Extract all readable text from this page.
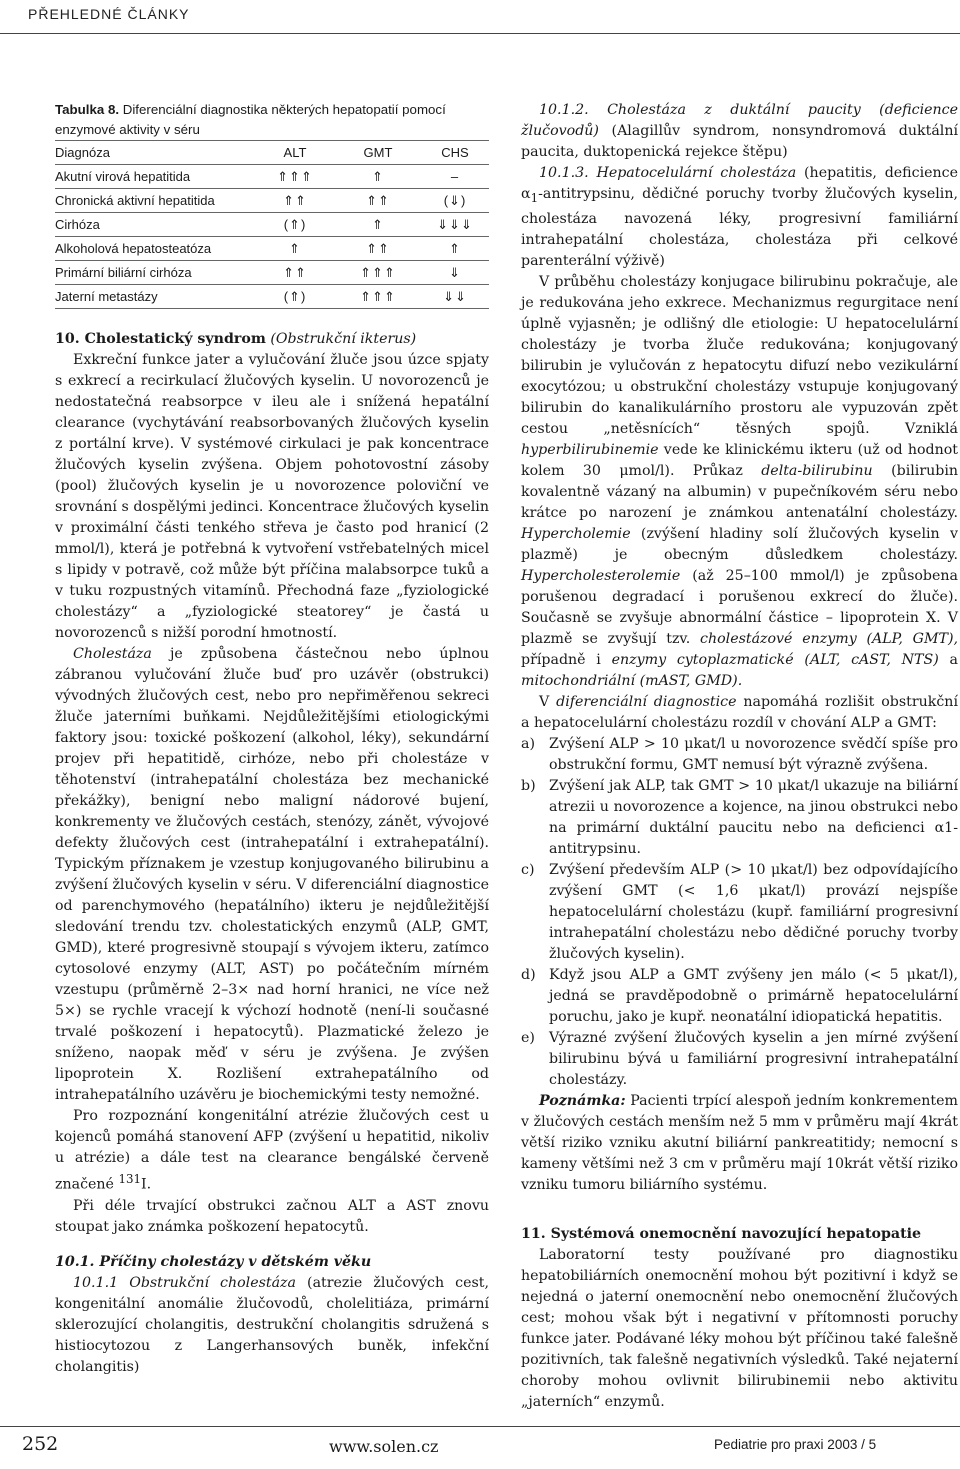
PŘEHLEDNÉ ČLÁNKY

Tabulka 8. Diferenciální diagnostika některých hepatopatií pomocí enzymové aktivity v séru

Diagnóza	ALT	GMT	CHS
Akutní virová hepatitida	⇑⇑⇑	⇑	–
Chronická aktivní hepatitida	⇑⇑	⇑⇑	(⇓)
Cirhóza	(⇑)	⇑	⇓⇓⇓
Alkoholová hepatosteatóza	⇑	⇑⇑	⇑
Primární biliární cirhóza	⇑⇑	⇑⇑⇑	⇓
Jaterní metastázy	(⇑)	⇑⇑⇑	⇓⇓

10. Cholestatický syndrom (Obstrukční ikterus)

Exkreční funkce jater a vylučování žluče jsou úzce spjaty s exkrecí a recirkulací žlučových kyselin. U novorozenců je nedostatečná reabsorpce v ileu ale i snížená hepatální clearance (vychytávání reabsorbovaných žlučových kyselin z portální krve). V systémové cirkulaci je pak koncentrace žlučových kyselin zvýšena. Objem pohotovostní zásoby (pool) žlučových kyselin je u novorozence poloviční ve srovnání s dospělými jedinci. Koncentrace žlučových kyselin v proximální části tenkého střeva je často pod hranicí (2 mmol/l), která je potřebná k vytvoření vstřebatelných micel s lipidy v potravě, což může být příčina malabsorpce tuků a v tuku rozpustných vitamínů. Přechodná faze „fyziologické cholestázy“ a „fyziologické steatorey“ je častá u novorozenců s nižší porodní hmotností.

Cholestáza je způsobena částečnou nebo úplnou zábranou vylučování žluče buď pro uzávěr (obstrukci) vývodných žlučových cest, nebo pro nepřiměřenou sekreci žluče jaterními buňkami. Nejdůležitějšími etiologickými faktory jsou: toxické poškození (alkohol, léky), sekundární projev při hepatitidě, cirhóze, nebo při cholestáze v těhotenství (intrahepatální cholestáza bez mechanické překážky), benigní nebo maligní nádorové bujení, konkrementy ve žlučových cestách, stenózy, zánět, vývojové defekty žlučových cest (intrahepatální i extrahepatální). Typickým příznakem je vzestup konjugovaného bilirubinu a zvýšení žlučových kyselin v séru. V diferenciální diagnostice od parenchymového (hepatálního) ikteru je nejdůležitější sledování trendu tzv. cholestatických enzymů (ALP, GMT, GMD), které progresivně stoupají s vývojem ikteru, zatímco cytosolové enzymy (ALT, AST) po počátečním mírném vzestupu (průměrně 2–3× nad horní hranici, ne více než 5×) se rychle vracejí k výchozí hodnotě (není-li současné trvalé poškození i hepatocytů). Plazmatické železo je sníženo, naopak měď v séru je zvýšena. Je zvýšen lipoprotein X. Rozlišení extrahepatálního od intrahepatálního uzávěru je biochemickými testy nemožné.

Pro rozpoznání kongenitální atrézie žlučových cest u kojenců pomáhá stanovení AFP (zvýšení u hepatitid, nikoliv u atrézie) a dále test na clearance bengálské červeně značené $^{131}$I.

Při déle trvající obstrukci začnou ALT a AST znovu stoupat jako známka poškození hepatocytů.

10.1. Příčiny cholestázy v dětském věku

10.1.1 Obstrukční cholestáza (atrezie žlučových cest, kongenitální anomálie žlučovodů, cholelitiáza, primární sklerozující cholangitis, destrukční cholangitis sdružená s histiocytozou z Langerhansových buněk, infekční cholangitis)

10.1.2. Cholestáza z duktální paucity (deficience žlučovodů) (Alagillův syndrom, nonsyndromová duktální paucita, duktopenická rejekce štěpu)

10.1.3. Hepatocelulární cholestáza (hepatitis, deficience $\alpha_1$-antitrypsinu, dědičné poruchy tvorby žlučových kyselin, cholestáza navozená léky, progresivní familiární intrahepatální cholestáza, cholestáza při celkové parenterální výživě)

V průběhu cholestázy konjugace bilirubinu pokračuje, ale je redukována jeho exkrece. Mechanizmus regurgitace není úplně vyjasněn; je odlišný dle etiologie: U hepatocelulární cholestázy je tvorba žluče redukována; konjugovaný bilirubin je vylučován z hepatocytu difuzí nebo vezikulární exocytózou; u obstrukční cholestázy vstupuje konjugovaný bilirubin do kanalikulárního prostoru ale vypuzován zpět cestou „netěsnících“ těsných spojů. Vzniklá hyperbilirubinemie vede ke klinickému ikteru (už od hodnot kolem 30 μmol/l). Průkaz delta-bilirubinu (bilirubin kovalentně vázaný na albumin) v pupečníkovém séru nebo krátce po narození je známkou antenatální cholestázy. Hypercholemie (zvýšení hladiny solí žlučových kyselin v plazmě) je obecným důsledkem cholestázy. Hypercholesterolemie (až 25–100 mmol/l) je způsobena porušenou degradací i porušenou exkrecí do žluče). Současně se zvyšuje abnormální částice – lipoprotein X. V plazmě se zvyšují tzv. cholestázové enzymy (ALP, GMT), případně i enzymy cytoplazmatické (ALT, cAST, NTS) a mitochondriální (mAST, GMD).

V diferenciální diagnostice napomáhá rozlišit obstrukční a hepatocelulární cholestázu rozdíl v chování ALP a GMT:

a) Zvýšení ALP > 10 μkat/l u novorozence svědčí spíše pro obstrukční formu, GMT nemusí být výrazně zvýšena.
b) Zvýšení jak ALP, tak GMT > 10 μkat/l ukazuje na biliární atrezii u novorozence a kojence, na jinou obstrukci nebo na primární duktální paucitu nebo na deficienci α1-antitrypsinu.
c) Zvýšení především ALP (> 10 μkat/l) bez odpovídajícího zvýšení GMT (< 1,6 μkat/l) provází nejspíše hepatocelulární cholestázu (kupř. familiární progresivní intrahepatální cholestázu nebo dědičné poruchy tvorby žlučových kyselin).
d) Když jsou ALP a GMT zvýšeny jen málo (< 5 μkat/l), jedná se pravděpodobně o primárně hepatocelulární poruchu, jako je kupř. neonatální idiopatická hepatitis.
e) Výrazné zvýšení žlučových kyselin a jen mírné zvýšení bilirubinu bývá u familiární progresivní intrahepatální cholestázy.

Poznámka: Pacienti trpící alespoň jedním konkrementem v žlučových cestách menším než 5 mm v průměru mají 4krát větší riziko vzniku akutní biliární pankreatitidy; nemocní s kameny většími než 3 cm v průměru mají 10krát větší riziko vzniku tumoru biliárního systému.

11. Systémová onemocnění navozující hepatopatie

Laboratorní testy používané pro diagnostiku hepatobiliárních onemocnění mohou být pozitivní i když se nejedná o jaterní onemocnění nebo onemocnění žlučových cest; mohou však být i negativní v přítomnosti poruchy funkce jater. Podávané léky mohou být příčinou také falešně pozitivních, tak falešně negativních výsledků. Také nejaterní choroby mohou ovlivnit bilirubinemii nebo aktivitu „jaterních“ enzymů.

252	www.solen.cz	Pediatrie pro praxi 2003 / 5
